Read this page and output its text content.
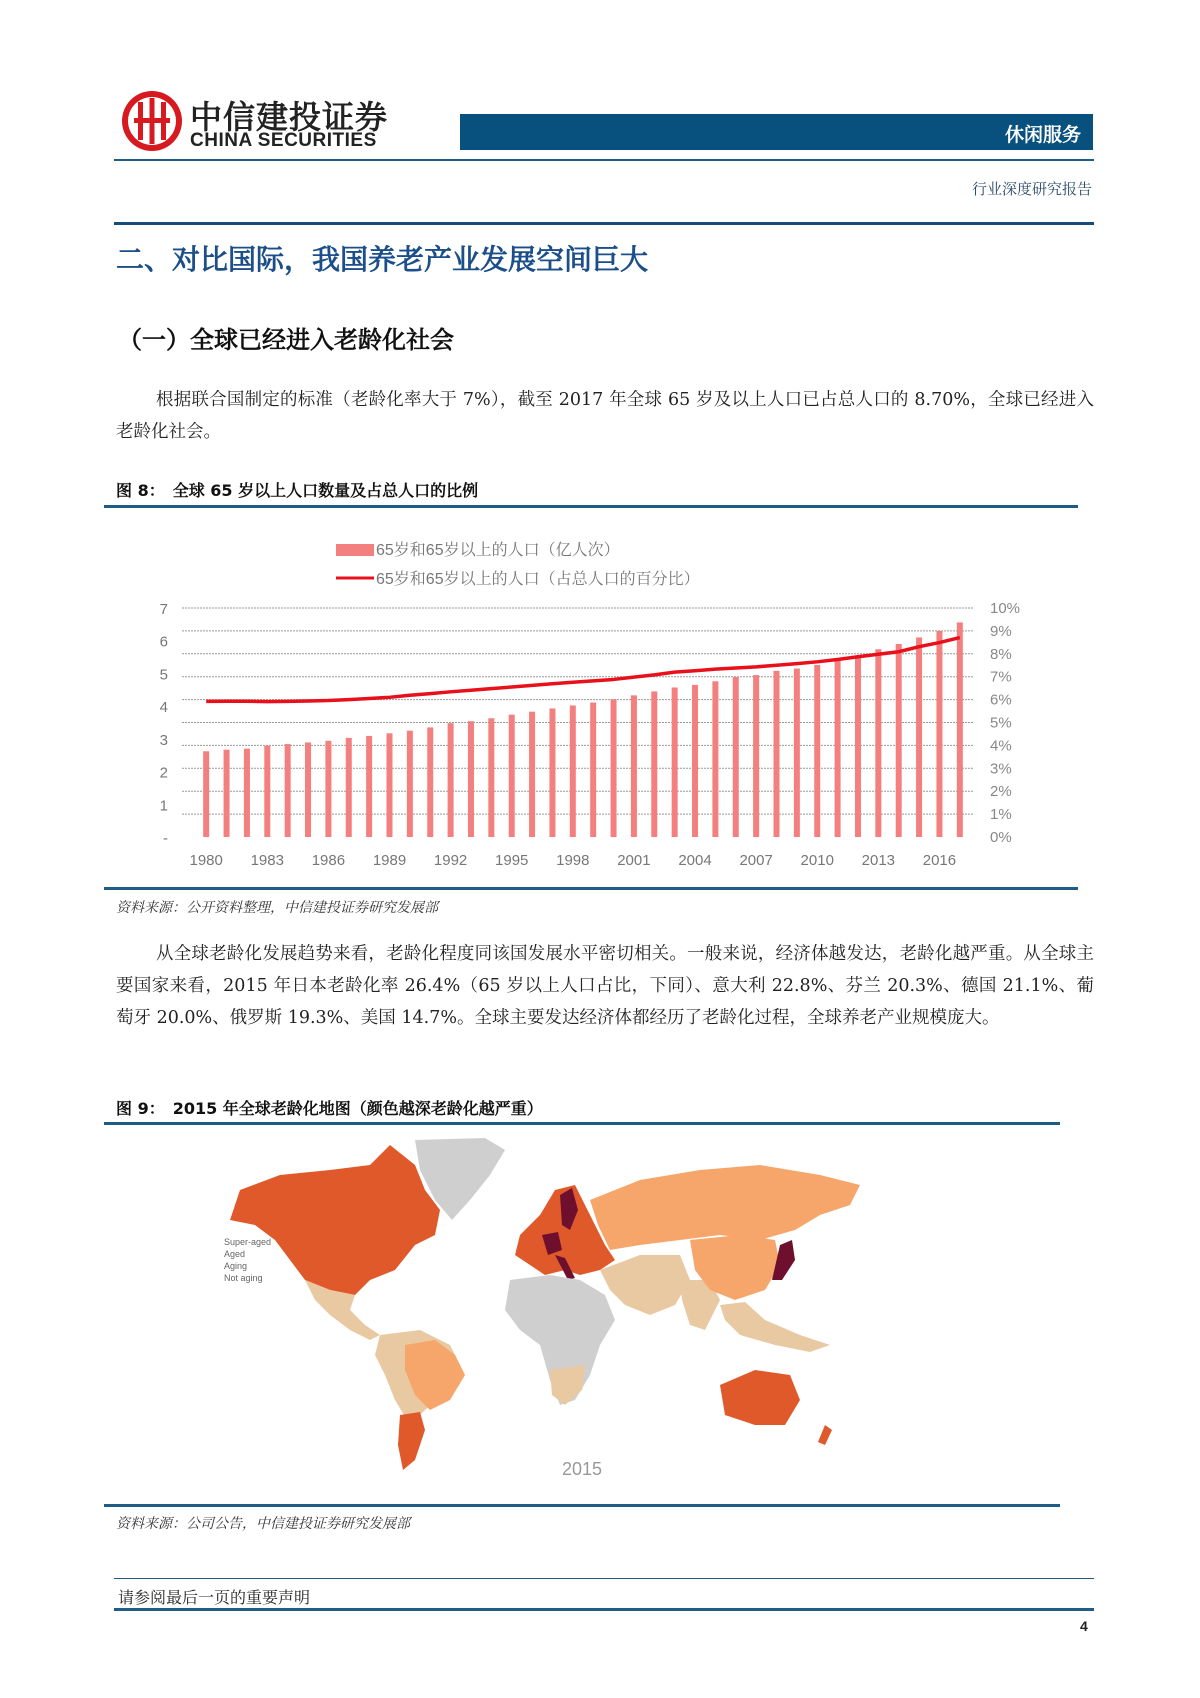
中信建投证券
CHINA SECURITIES	休闲服务
行业深度研究报告
二、对比国际，我国养老产业发展空间巨大
（一）全球已经进入老龄化社会
根据联合国制定的标准（老龄化率大于 7%），截至 2017 年全球 65 岁及以上人口已占总人口的 8.70%，全球已经进入老龄化社会。
图 8：　全球 65 岁以上人口数量及占总人口的比例
65岁和65岁以上的人口（亿人次）
65岁和65岁以上的人口（占总人口的百分比）
0%
1%
2%
3%
4%
5%
6%
7%
8%
9%
10%
-
1
2
3
4
5
6
7
1980 1983 1986 1989 1992 1995 1998 2001 2004 2007 2010 2013 2016
资料来源：公开资料整理，中信建投证券研究发展部
从全球老龄化发展趋势来看，老龄化程度同该国发展水平密切相关。一般来说，经济体越发达，老龄化越严重。从全球主要国家来看，2015 年日本老龄化率 26.4%（65 岁以上人口占比，下同）、意大利 22.8%、芬兰 20.3%、德国 21.1%、葡萄牙 20.0%、俄罗斯 19.3%、美国 14.7%。全球主要发达经济体都经历了老龄化过程，全球养老产业规模庞大。
图 9：　2015 年全球老龄化地图（颜色越深老龄化越严重）
Super-aged
Aged
Aging
Not aging
2015
资料来源：公司公告，中信建投证券研究发展部
请参阅最后一页的重要声明
4
